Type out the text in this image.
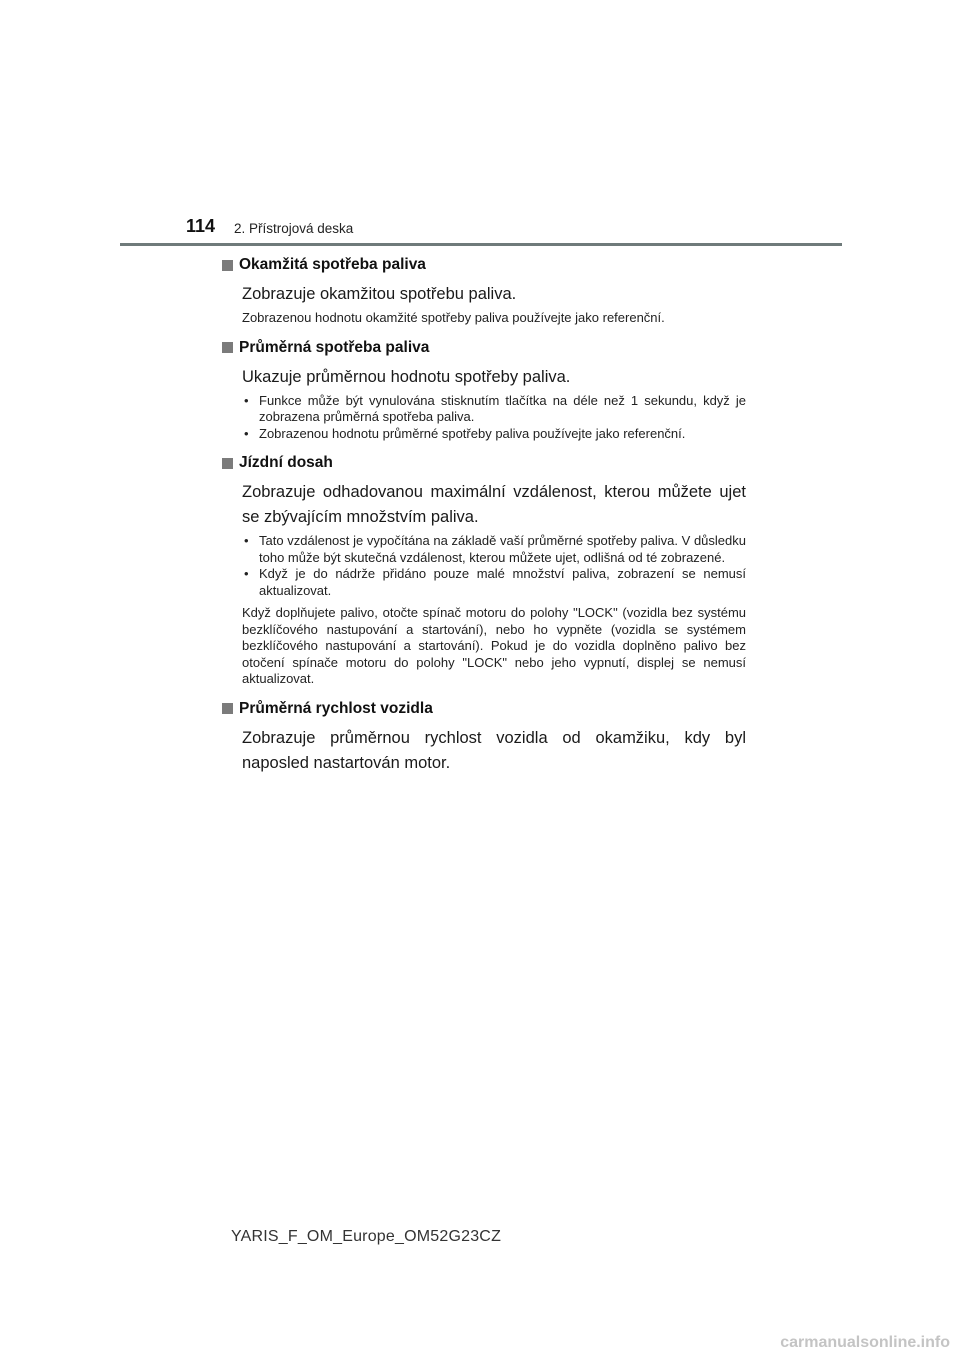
114 2. Přístrojová deska
Okamžitá spotřeba paliva
Zobrazuje okamžitou spotřebu paliva.
Zobrazenou hodnotu okamžité spotřeby paliva používejte jako referenční.
Průměrná spotřeba paliva
Ukazuje průměrnou hodnotu spotřeby paliva.
• Funkce může být vynulována stisknutím tlačítka na déle než 1 sekundu, když je zobrazena průměrná spotřeba paliva.
• Zobrazenou hodnotu průměrné spotřeby paliva používejte jako referenční.
Jízdní dosah
Zobrazuje odhadovanou maximální vzdálenost, kterou můžete ujet se zbývajícím množstvím paliva.
• Tato vzdálenost je vypočítána na základě vaší průměrné spotřeby paliva. V důsledku toho může být skutečná vzdálenost, kterou můžete ujet, odlišná od té zobrazené.
• Když je do nádrže přidáno pouze malé množství paliva, zobrazení se nemusí aktualizovat.
Když doplňujete palivo, otočte spínač motoru do polohy "LOCK" (vozidla bez systému bezklíčového nastupování a startování), nebo ho vypněte (vozidla se systémem bezklíčového nastupování a startování). Pokud je do vozidla doplněno palivo bez otočení spínače motoru do polohy "LOCK" nebo jeho vypnutí, displej se nemusí aktualizovat.
Průměrná rychlost vozidla
Zobrazuje průměrnou rychlost vozidla od okamžiku, kdy byl naposled nastartován motor.
YARIS_F_OM_Europe_OM52G23CZ
carmanualsonline.info
